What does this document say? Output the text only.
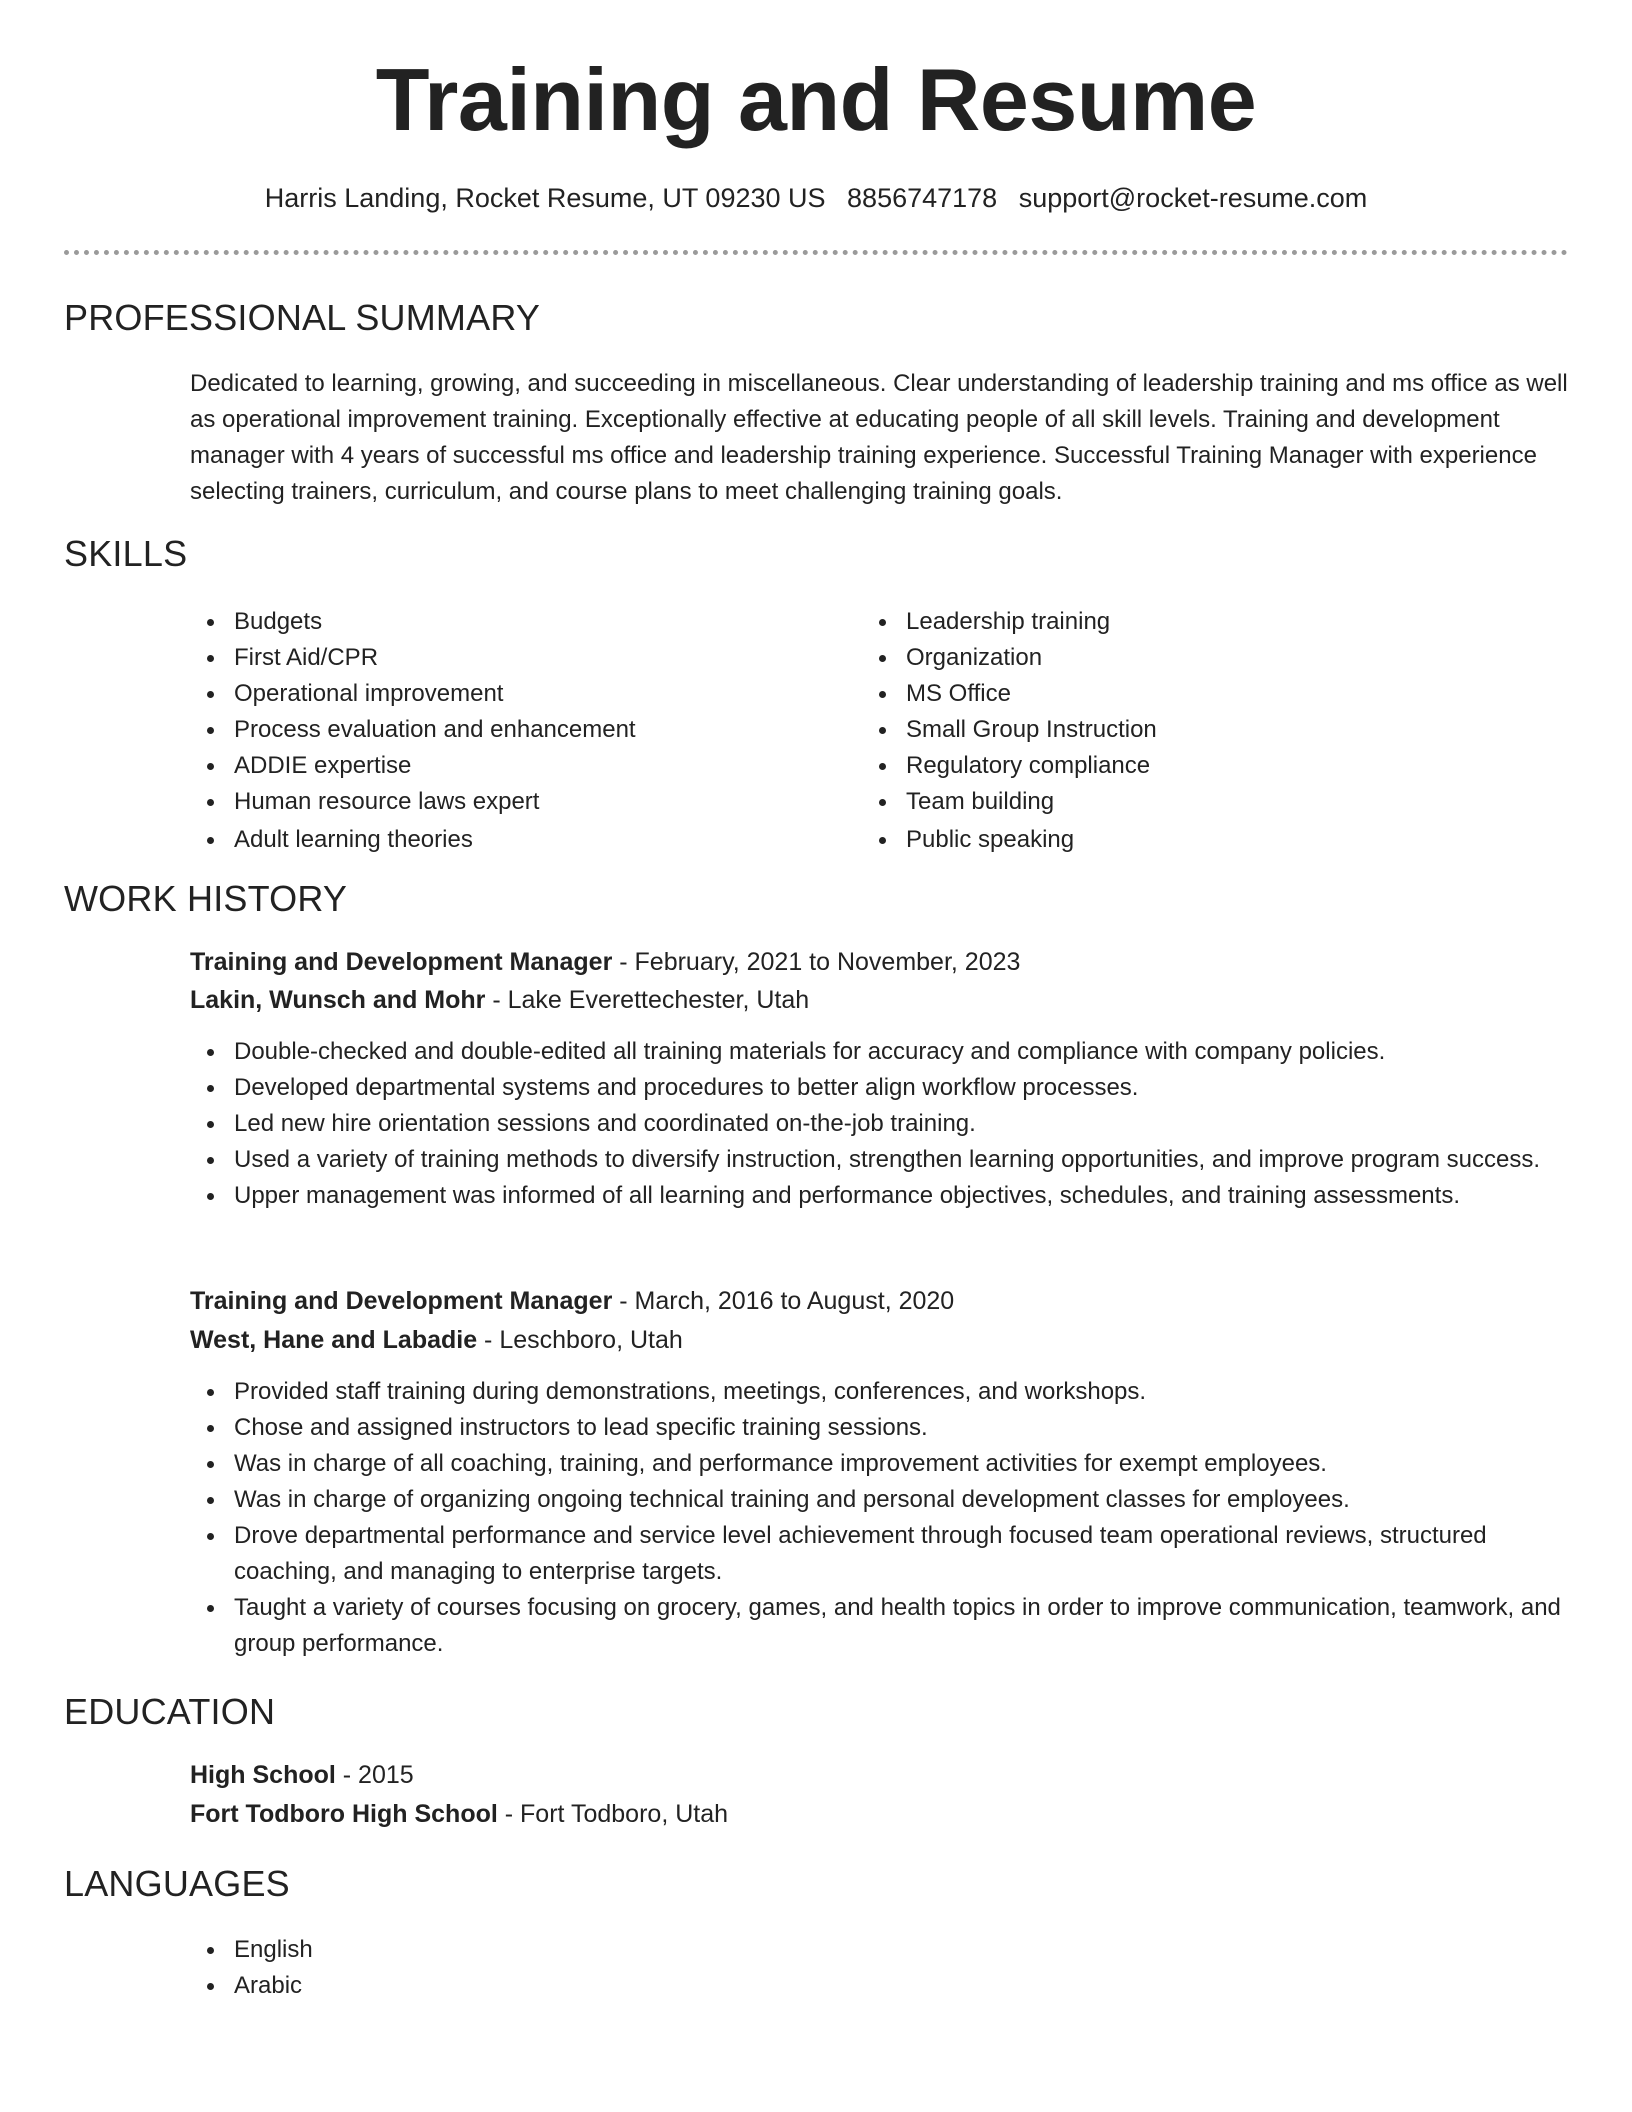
Training and Resume
Harris Landing, Rocket Resume, UT 09230 US 8856747178 support@rocket-resume.com
PROFESSIONAL SUMMARY

Dedicated to learning, growing, and succeeding in miscellaneous. Clear understanding of leadership training and ms office as well as operational improvement training. Exceptionally effective at educating people of all skill levels. Training and development manager with 4 years of successful ms office and leadership training experience. Successful Training Manager with experience selecting trainers, curriculum, and course plans to meet challenging training goals.

SKILLS
Budgets
First Aid/CPR
Operational improvement
Process evaluation and enhancement
ADDIE expertise
Human resource laws expert
Adult learning theories
Leadership training
Organization
MS Office
Small Group Instruction
Regulatory compliance
Team building
Public speaking
WORK HISTORY
Training and Development Manager - February, 2021 to November, 2023
Lakin, Wunsch and Mohr - Lake Everettechester, Utah
Double-checked and double-edited all training materials for accuracy and compliance with company policies.
Developed departmental systems and procedures to better align workflow processes.
Led new hire orientation sessions and coordinated on-the-job training.
Used a variety of training methods to diversify instruction, strengthen learning opportunities, and improve program success.
Upper management was informed of all learning and performance objectives, schedules, and training assessments.
Training and Development Manager - March, 2016 to August, 2020
West, Hane and Labadie - Leschboro, Utah
Provided staff training during demonstrations, meetings, conferences, and workshops.
Chose and assigned instructors to lead specific training sessions.
Was in charge of all coaching, training, and performance improvement activities for exempt employees.
Was in charge of organizing ongoing technical training and personal development classes for employees.
Drove departmental performance and service level achievement through focused team operational reviews, structured coaching, and managing to enterprise targets.
Taught a variety of courses focusing on grocery, games, and health topics in order to improve communication, teamwork, and group performance.
EDUCATION
High School - 2015
Fort Todboro High School - Fort Todboro, Utah
LANGUAGES
English
Arabic
